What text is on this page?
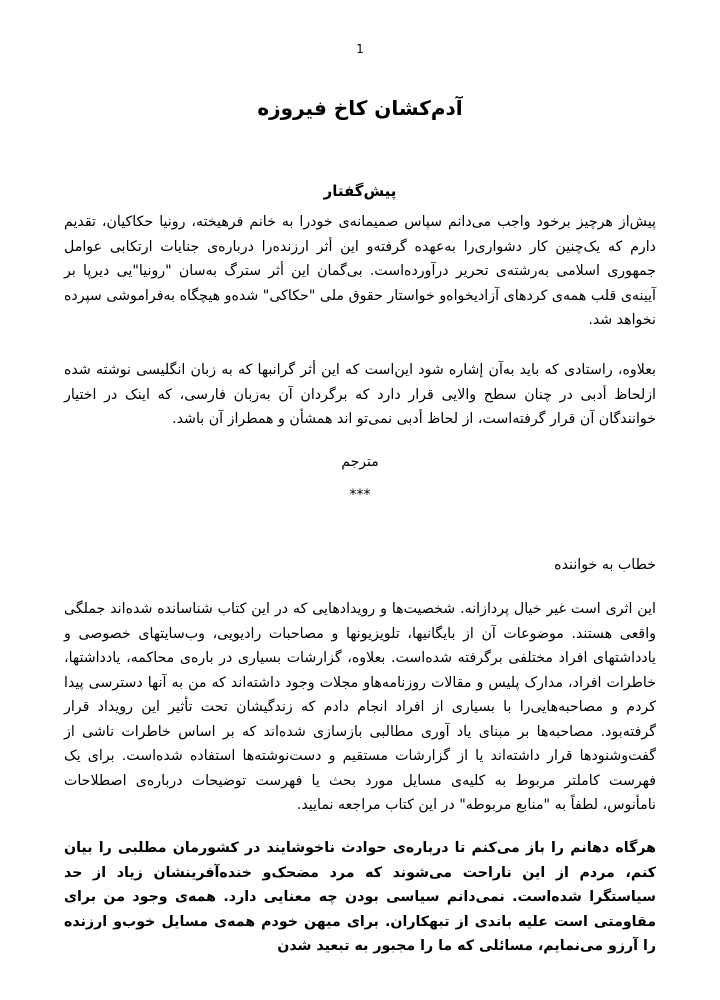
1
آدم‌کشان کاخ فیروزه
پیش‌گفتار
پیش‌از هرچیز برخود واجب می‌دانم سپاس صمیمانه‌ی خودرا به خانم فرهیخته، رونیا حکاکیان، تقدیم دارم که یک‌چنین کار دشواری‌را به‌عهده گرفته‌و این أثر ارزنده‌را درباره‌ی جنایات ارتکابی عوامل جمهوری اسلامی به‌رشته‌ی تحریر درآورده‌است. بی‌گمان این أثر سترگ به‌سان "رونیا"یی دیرپا بر آیینه‌ی قلب همه‌ی کردهای آزادیخواه‌و خواستار حقوق ملی "حکاکی" شده‌و هیچگاه به‌فراموشی سپرده نخواهد شد.
بعلاوه، راستادی که باید به‌آن إشاره شود این‌است که این أثر گرانبها که به زبان انگلیسی نوشته شده ازلحاظ أدبی در چنان سطح والایی قرار دارد که برگردان آن به‌زبان فارسی، که اینک در اختیار خوانندگان آن قرار گرفته‌است، از لحاظ أدبی نمی‌تو اند همشأن و همطراز آن باشد.
مترجم
***
خطاب به خواننده
این اثری است غیر خیال پردازانه. شخصیت‌ها و رویدادهایی که در این کتاب شناسانده شده‌اند جملگی واقعی هستند. موضوعات آن از بایگانیها، تلویزیونها و مصاحبات رادیویی، وب‌سایتهای خصوصی و یادداشتهای افراد مختلفی برگرفته شده‌است. بعلاوه، گزارشات بسیاری در باره‌ی محاکمه، یادداشتها، خاطرات افراد، مدارک پلیس و مقالات روزنامه‌ها‌و مجلات وجود داشته‌اند که من به آنها دسترسی پیدا کردم و مصاحبه‌هایی‌را با بسیاری از افراد انجام دادم که زندگیشان تحت تأثیر این رویداد قرار گرفته‌بود. مصاحبه‌ها بر مبنای یاد آوری مطالبی بازسازی شده‌اند که بر اساس خاطرات ناشی از گفت‌وشنودها قرار داشته‌اند یا از گزارشات مستقیم و دست‌نوشته‌ها استفاده شده‌است. برای یک فهرست کاملتر مربوط به کلیه‌ی مسایل مورد بحث یا فهرست توضیحات درباره‌ی اصطلاحات نامأنوس، لطفاً به "منابع مربوطه" در این کتاب مراجعه نمایید.
هرگاه دهانم را باز می‌کنم تا درباره‌ی حوادث ناخوشایند در کشورمان مطلبی را بیان کنم، مردم از این ناراحت می‌شوند که مرد مضحک‌و خنده‌آفرینشان زیاد از حد سیاستگرا شده‌است. نمی‌دانم سیاسی بودن چه معنایی دارد. همه‌ی وجود من برای مقاومتی است علیه باندی از تبهکاران. برای میهن خودم همه‌ی مسایل خوب‌و ارزنده را آرزو می‌نمایم، مسائلی که ما را مجبور به تبعید شدن
